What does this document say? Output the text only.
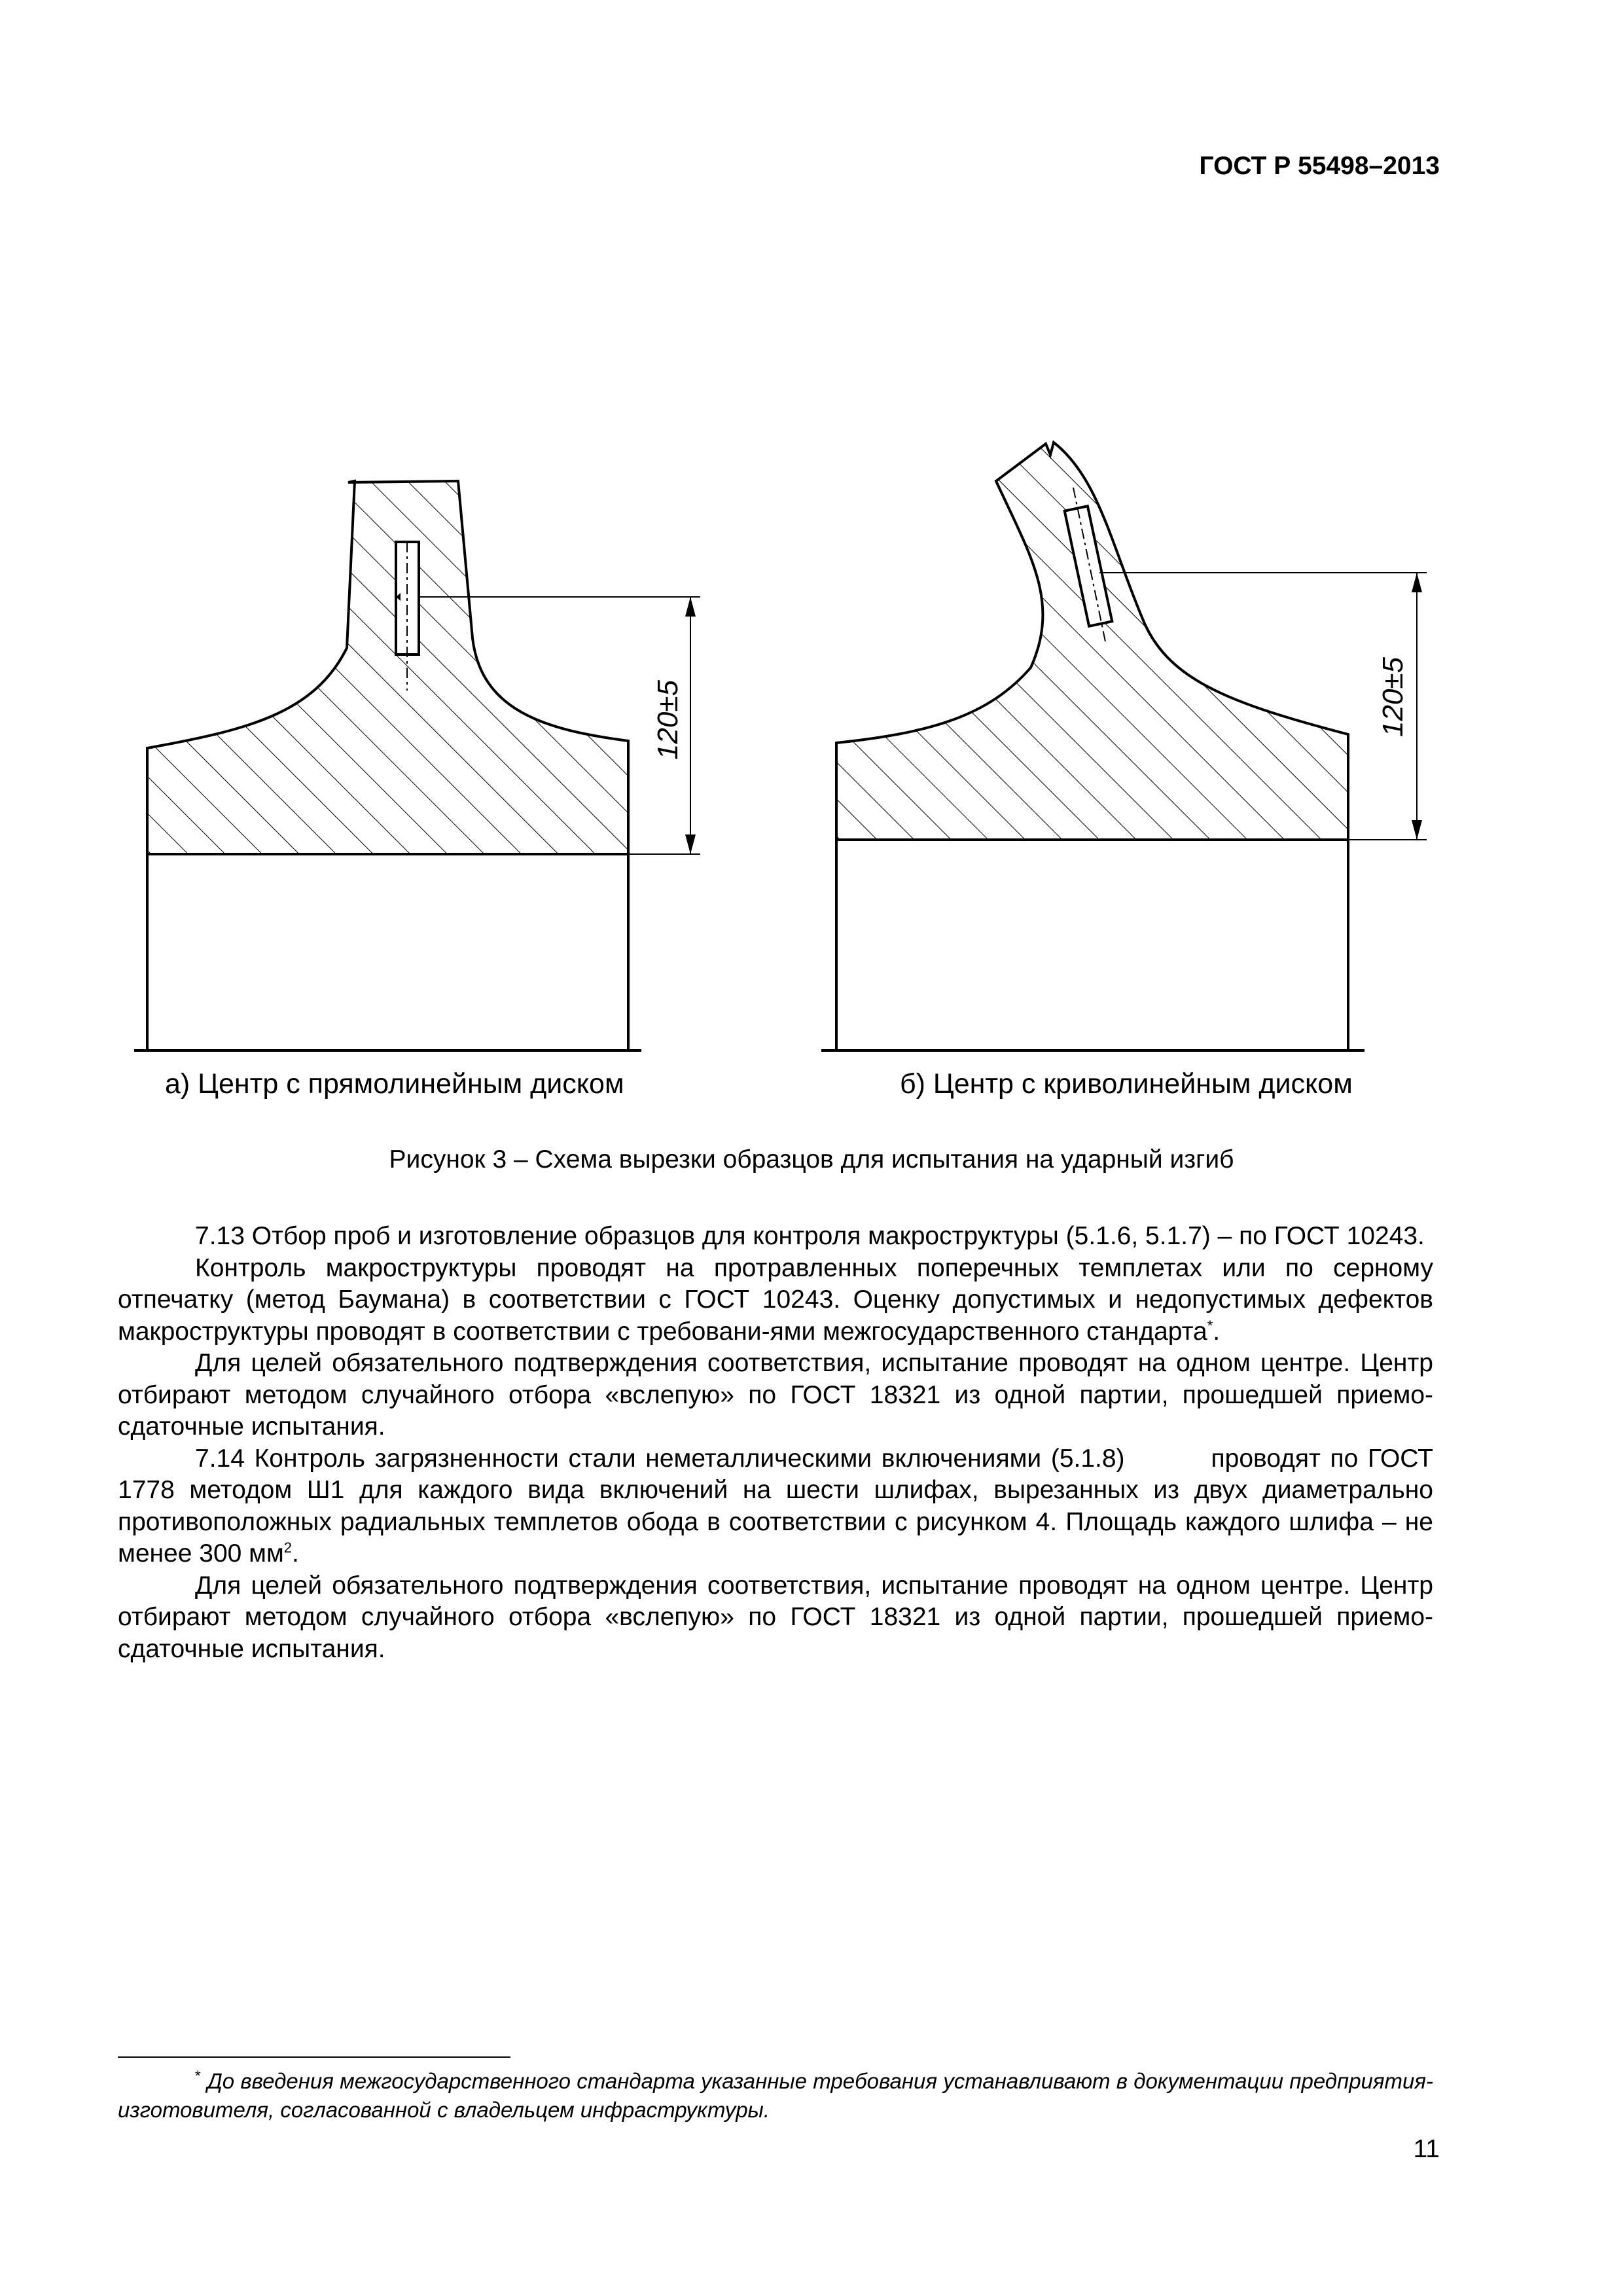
ГОСТ Р 55498–2013
120±5	120±5
а) Центр с прямолинейным диском	б) Центр с криволинейным диском
Рисунок 3 – Схема вырезки образцов для испытания на ударный изгиб

7.13 Отбор проб и изготовление образцов для контроля макроструктуры (5.1.6, 5.1.7) – по ГОСТ 10243.

Контроль макроструктуры проводят на протравленных поперечных темплетах или по серному отпечатку (метод Баумана) в соответствии с ГОСТ 10243. Оценку допустимых и недопустимых дефектов макроструктуры проводят в соответствии с требовани-ями межгосударственного стандарта*.

Для целей обязательного подтверждения соответствия, испытание проводят на одном центре. Центр отбирают методом случайного отбора «вслепую» по ГОСТ 18321 из одной партии, прошедшей приемо-сдаточные испытания.

7.14 Контроль загрязненности стали неметаллическими включениями (5.1.8)	проводят по ГОСТ 1778 методом Ш1 для каждого вида включений на шести шлифах, вырезанных из двух диаметрально противоположных радиальных темплетов обода в соответствии с рисунком 4. Площадь каждого шлифа – не менее 300 $мм^2$.

Для целей обязательного подтверждения соответствия, испытание проводят на одном центре. Центр отбирают методом случайного отбора «вслепую» по ГОСТ 18321 из одной партии, прошедшей приемо-сдаточные испытания.

* До введения межгосударственного стандарта указанные требования устанавливают в документации предприятия-изготовителя, согласованной с владельцем инфраструктуры.
11
